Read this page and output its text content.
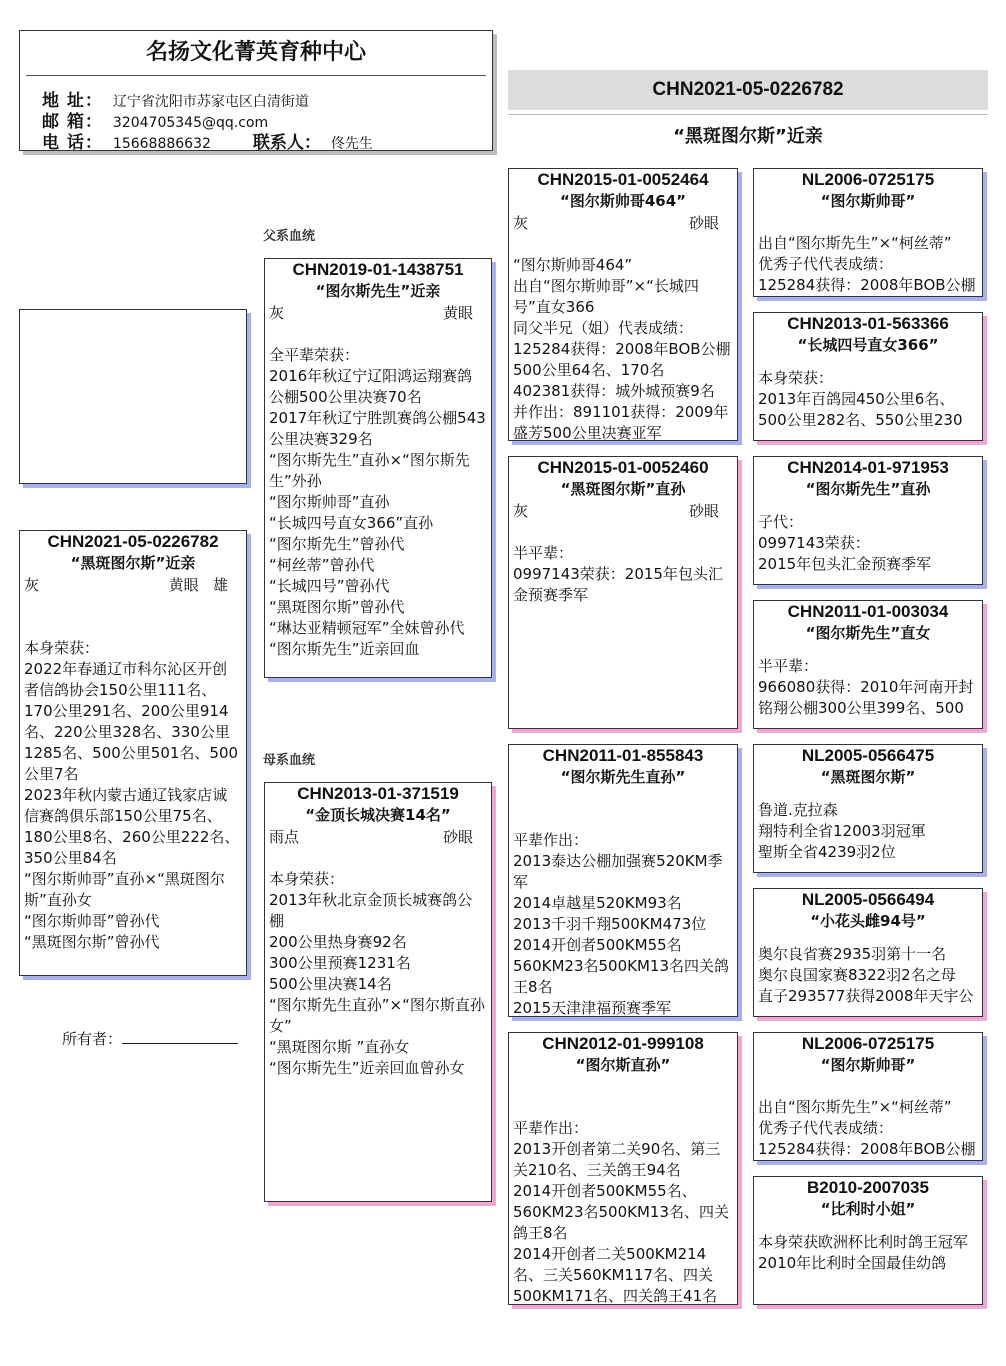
名扬文化菁英育种中心
地 址： 辽宁省沈阳市苏家屯区白清街道
邮 箱： 3204705345@qq.com
电 话： 15668886632 联系人： 佟先生
CHN2021-05-0226782
“黑斑图尔斯”近亲
父系血统
母系血统
CHN2021-05-0226782
“黑斑图尔斯”近亲
灰	黄眼 雄
本身荣获：
2022年春通辽市科尔沁区开创者信鸽协会150公里111名、170公里291名、200公里914名、220公里328名、330公里1285名、500公里501名、500公里7名
2023年秋内蒙古通辽钱家店诚信赛鸽俱乐部150公里75名、180公里8名、260公里222名、350公里84名
“图尔斯帅哥”直孙×“黑斑图尔斯”直孙女
“图尔斯帅哥”曾孙代
“黑斑图尔斯”曾孙代
CHN2019-01-1438751
“图尔斯先生”近亲
灰	黄眼
全平辈荣获：
2016年秋辽宁辽阳鸿运翔赛鸽公棚500公里决赛70名
2017年秋辽宁胜凯赛鸽公棚543公里决赛329名
“图尔斯先生”直孙×“图尔斯先生”外孙
“图尔斯帅哥”直孙
“长城四号直女366”直孙
“图尔斯先生”曾孙代
“柯丝蒂”曾孙代
“长城四号”曾孙代
“黑斑图尔斯”曾孙代
“琳达亚精顿冠军”全妹曾孙代
“图尔斯先生”近亲回血
CHN2013-01-371519
“金顶长城决赛14名”
雨点	砂眼
本身荣获：
2013年秋北京金顶长城赛鸽公棚
200公里热身赛92名
300公里预赛1231名
500公里决赛14名
“图尔斯先生直孙”×“图尔斯直孙女”
“黑斑图尔斯 ”直孙女
“图尔斯先生”近亲回血曾孙女
CHN2015-01-0052464
“图尔斯帅哥464”
灰	砂眼
“图尔斯帅哥464”
出自“图尔斯帅哥”×“长城四号”直女366
同父半兄（姐）代表成绩：
125284获得：2008年BOB公棚500公里64名、170名
402381获得：城外城预赛9名
并作出：891101获得：2009年盛芳500公里决赛亚军
CHN2015-01-0052460
“黑斑图尔斯”直孙
灰	砂眼
半平辈：
0997143荣获：2015年包头汇金预赛季军
CHN2011-01-855843
“图尔斯先生直孙”
平辈作出：
2013泰达公棚加强赛520KM季军
2014卓越星520KM93名
2013千羽千翔500KM473位
2014开创者500KM55名
560KM23名500KM13名四关鸽王8名
2015天津津福预赛季军
CHN2012-01-999108
“图尔斯直孙”
平辈作出：
2013开创者第二关90名、第三关210名、三关鸽王94名
2014开创者500KM55名、560KM23名500KM13名、四关鸽王8名
2014开创者二关500KM214名、三关560KM117名、四关500KM171名、四关鸽王41名
NL2006-0725175
“图尔斯帅哥”
出自“图尔斯先生”×“柯丝蒂”
优秀子代代表成绩：
125284获得：2008年BOB公棚
CHN2013-01-563366
“长城四号直女366”
本身荣获：
2013年百鸽园450公里6名、500公里282名、550公里230
CHN2014-01-971953
“图尔斯先生”直孙
子代：
0997143荣获：
2015年包头汇金预赛季军
CHN2011-01-003034
“图尔斯先生”直女
半平辈：
966080获得：2010年河南开封铭翔公棚300公里399名、500
NL2005-0566475
“黑斑图尔斯”
鲁道.克拉森
翔特利全省12003羽冠軍
聖斯全省4239羽2位
NL2005-0566494
“小花头雌94号”
奥尔良省赛2935羽第十一名
奥尔良国家赛8322羽2名之母
直子293577获得2008年天宇公
NL2006-0725175
“图尔斯帅哥”
出自“图尔斯先生”×“柯丝蒂”
优秀子代代表成绩：
125284获得：2008年BOB公棚
B2010-2007035
“比利时小姐”
本身荣获欧洲杯比利时鸽王冠军
2010年比利时全国最佳幼鸽
所有者：
